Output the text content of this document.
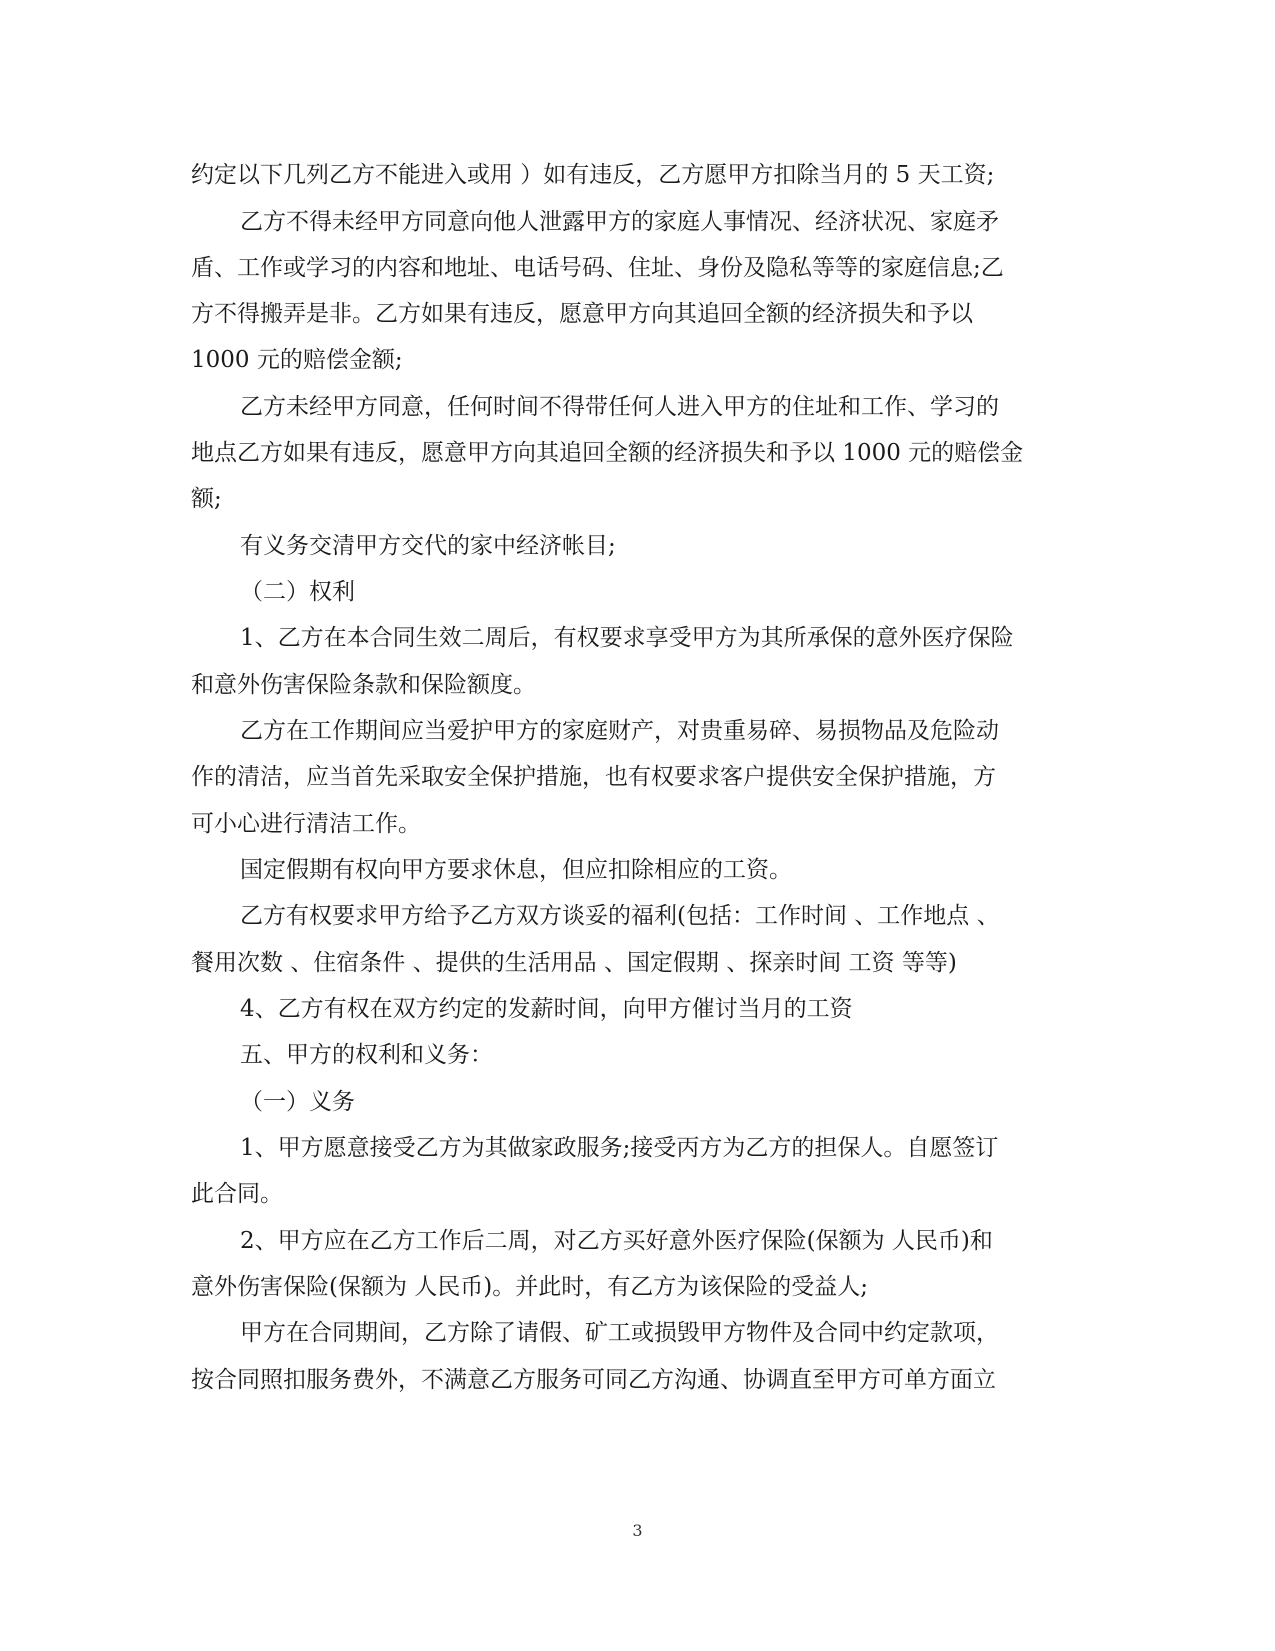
约定以下几列乙方不能进入或用 ）如有违反，乙方愿甲方扣除当月的 5 天工资;
乙方不得未经甲方同意向他人泄露甲方的家庭人事情况、经济状况、家庭矛
盾、工作或学习的内容和地址、电话号码、住址、身份及隐私等等的家庭信息;乙
方不得搬弄是非。乙方如果有违反，愿意甲方向其追回全额的经济损失和予以
1000 元的赔偿金额;
乙方未经甲方同意，任何时间不得带任何人进入甲方的住址和工作、学习的
地点乙方如果有违反，愿意甲方向其追回全额的经济损失和予以 1000 元的赔偿金
额;
有义务交清甲方交代的家中经济帐目;
（二）权利
1、乙方在本合同生效二周后，有权要求享受甲方为其所承保的意外医疗保险
和意外伤害保险条款和保险额度。
乙方在工作期间应当爱护甲方的家庭财产，对贵重易碎、易损物品及危险动
作的清洁，应当首先采取安全保护措施，也有权要求客户提供安全保护措施，方
可小心进行清洁工作。
国定假期有权向甲方要求休息，但应扣除相应的工资。
乙方有权要求甲方给予乙方双方谈妥的福利(包括：工作时间 、工作地点 、
餐用次数 、住宿条件 、提供的生活用品 、国定假期 、探亲时间 工资 等等)
4、乙方有权在双方约定的发薪时间，向甲方催讨当月的工资
五、甲方的权利和义务：
（一）义务
1、甲方愿意接受乙方为其做家政服务;接受丙方为乙方的担保人。自愿签订
此合同。
2、甲方应在乙方工作后二周，对乙方买好意外医疗保险(保额为 人民币)和
意外伤害保险(保额为 人民币)。并此时，有乙方为该保险的受益人;
甲方在合同期间，乙方除了请假、矿工或损毁甲方物件及合同中约定款项，
按合同照扣服务费外，不满意乙方服务可同乙方沟通、协调直至甲方可单方面立
3
